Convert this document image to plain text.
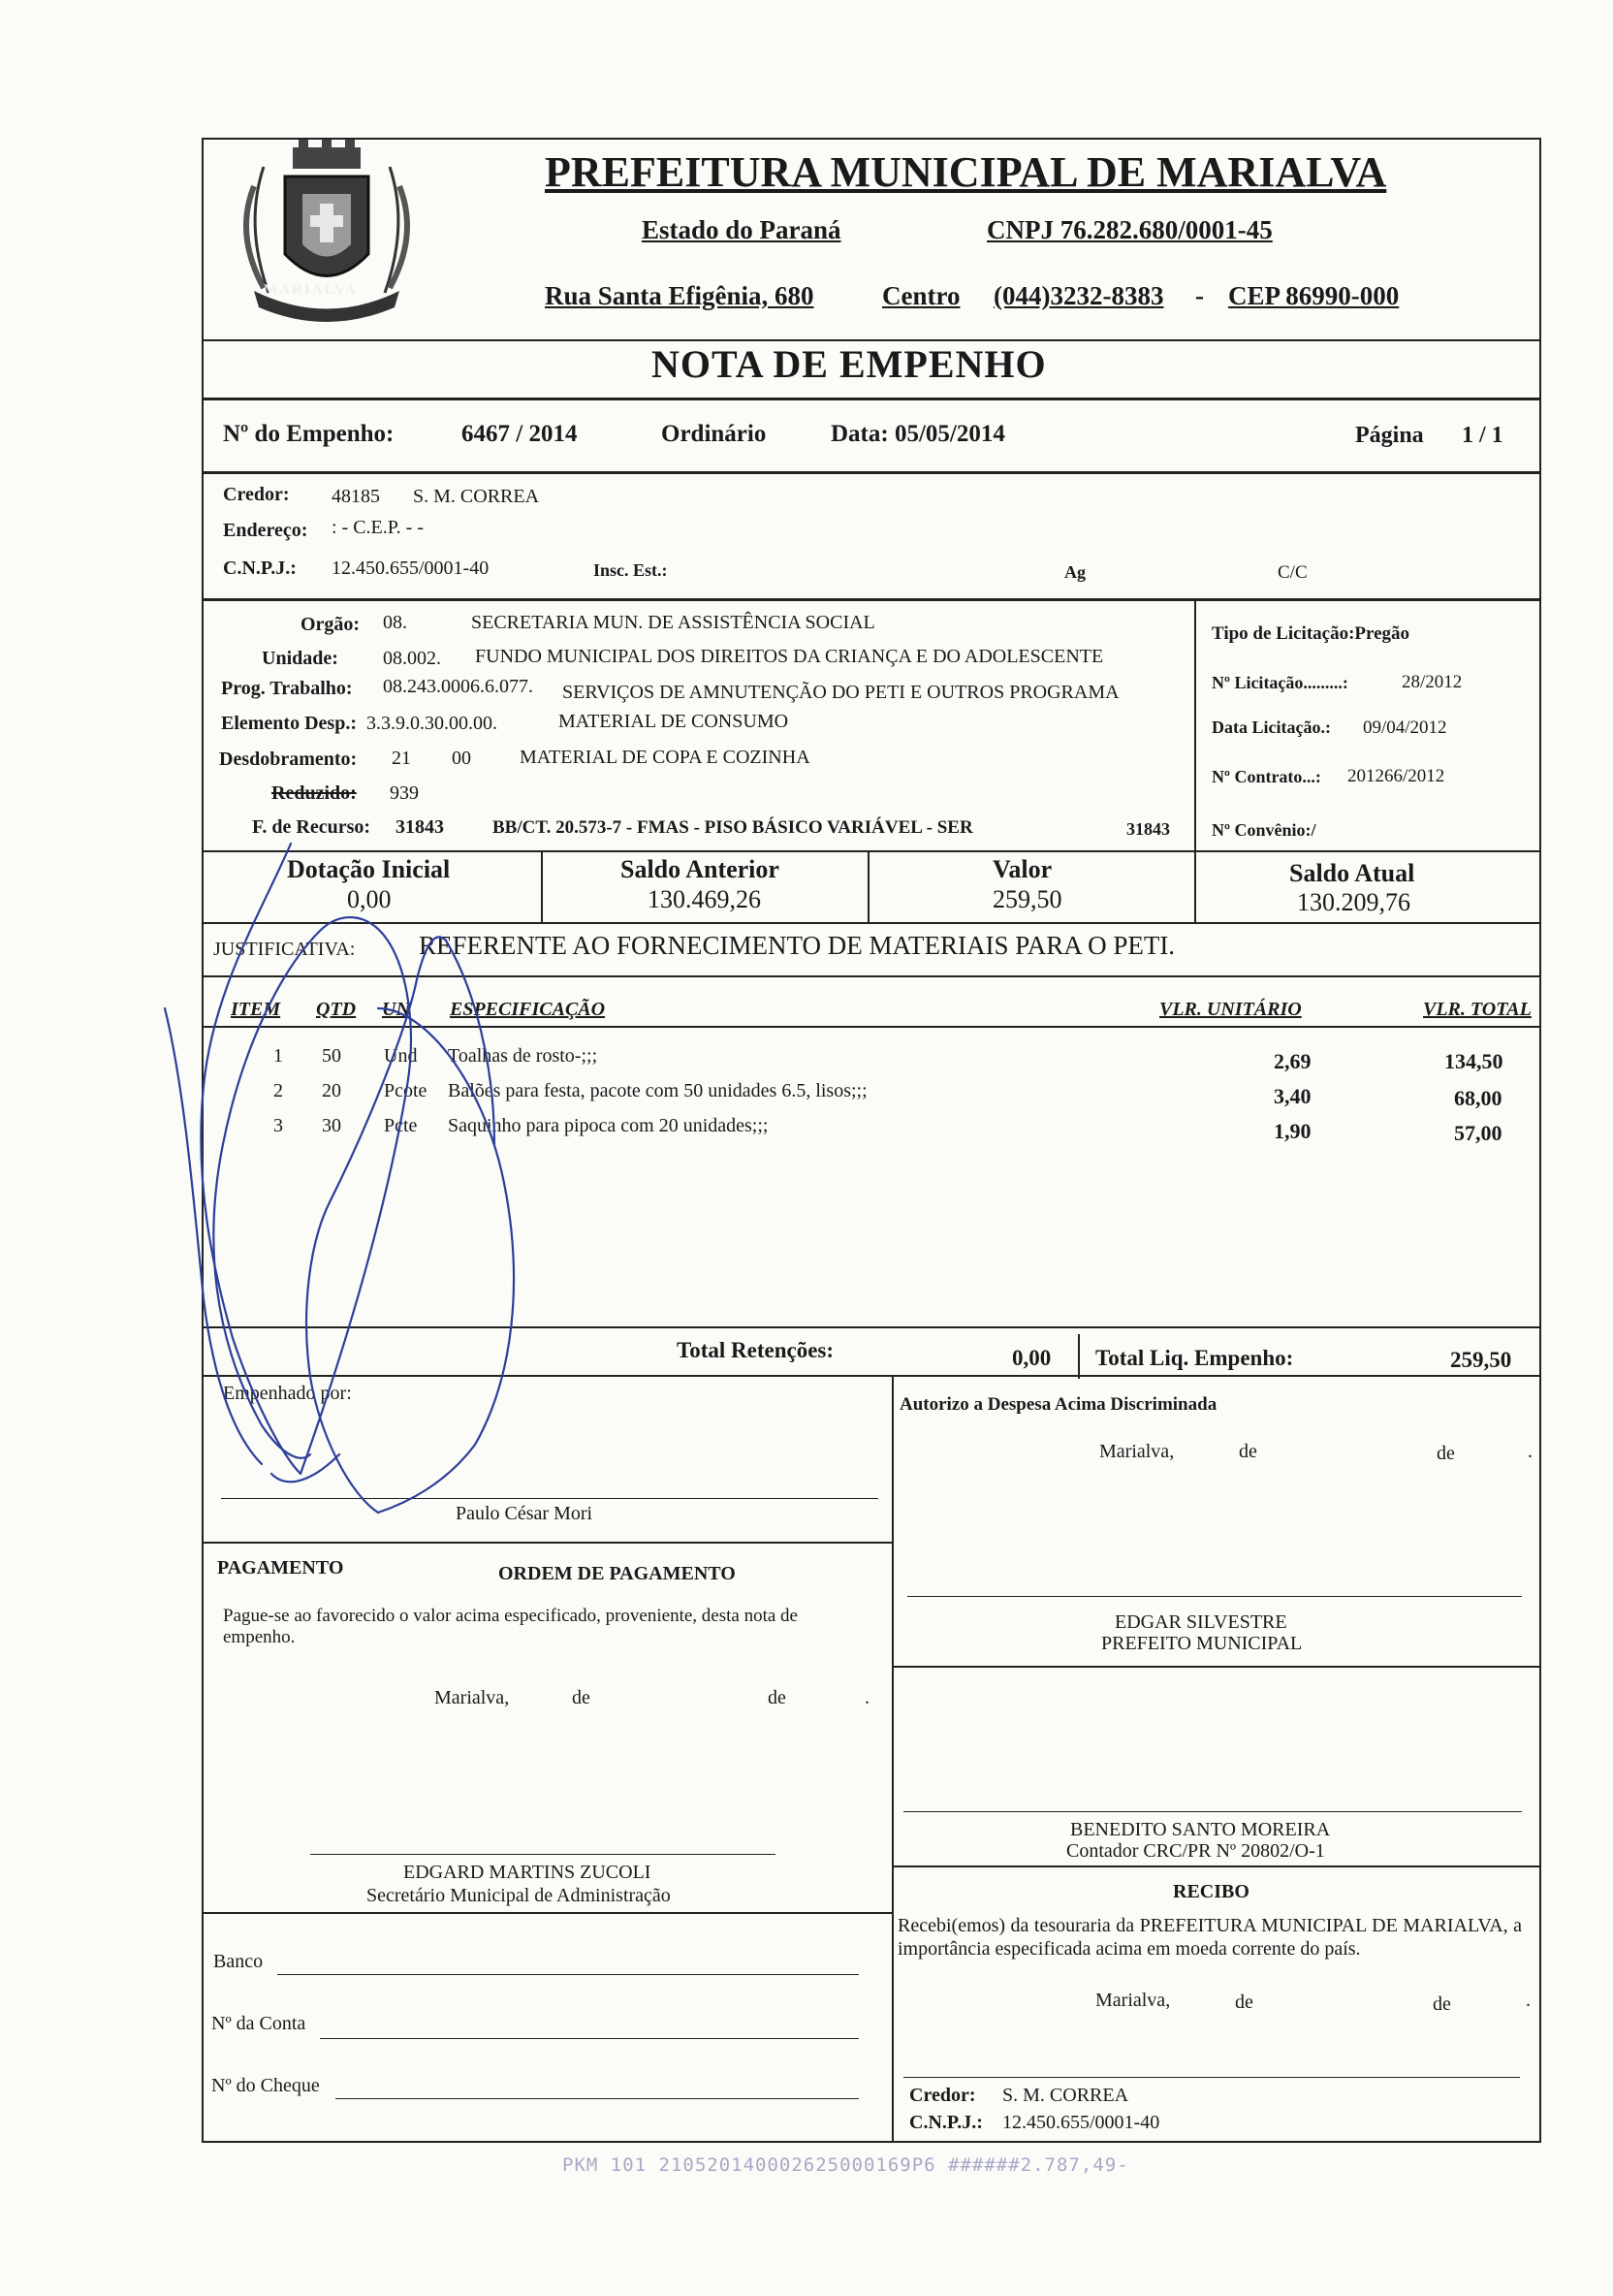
MARIALVA
PREFEITURA MUNICIPAL DE MARIALVA
Estado do Paraná	CNPJ 76.282.680/0001-45
Rua Santa Efigênia, 680	Centro (044)3232-8383 - CEP 86990-000
NOTA DE EMPENHO
Nº do Empenho:	6467 / 2014	Ordinário	Data: 05/05/2014	Página 1 / 1
Credor: 48185 S. M. CORREA
Endereço: : - C.E.P. - -
C.N.P.J.: 12.450.655/0001-40	Insc. Est.:	Ag	C/C
Orgão: 08.	SECRETARIA MUN. DE ASSISTÊNCIA SOCIAL
Unidade: 08.002. FUNDO MUNICIPAL DOS DIREITOS DA CRIANÇA E DO ADOLESCENTE
Prog. Trabalho: 08.243.0006.6.077. SERVIÇOS DE AMNUTENÇÃO DO PETI E OUTROS PROGRAMA
Elemento Desp.: 3.3.9.0.30.00.00.	MATERIAL DE CONSUMO
Desdobramento: 21 00	MATERIAL DE COPA E COZINHA
Reduzido: 939
F. de Recurso: 31843	BB/CT. 20.573-7 - FMAS - PISO BÁSICO VARIÁVEL - SER	31843
Tipo de Licitação:Pregão
Nº Licitação.........:	28/2012
Data Licitação.: 09/04/2012
Nº Contrato...: 201266/2012
Nº Convênio:/
Dotação Inicial
0,00
Saldo Anterior
130.469,26
Valor
259,50
Saldo Atual
130.209,76
JUSTIFICATIVA: REFERENTE AO FORNECIMENTO DE MATERIAIS PARA O PETI.
ITEM QTD UN ESPECIFICAÇÃO	VLR. UNITÁRIO	VLR. TOTAL
1 50 Und Toalhas de rosto-;;;	2,69	134,50
2 20 Pcote Balões para festa, pacote com 50 unidades 6.5, lisos;;;	3,40	68,00
3 30 Pcte Saquinho para pipoca com 20 unidades;;;	1,90	57,00
Total Retenções:	0,00 Total Liq. Empenho:	259,50
Empenhado por:
Paulo César Mori
Autorizo a Despesa Acima Discriminada
Marialva,	de	de	.
PAGAMENTO	ORDEM DE PAGAMENTO
Pague-se ao favorecido o valor acima especificado, proveniente, desta nota de empenho.
Marialva,	de	de	.
EDGAR SILVESTRE
PREFEITO MUNICIPAL
BENEDITO SANTO MOREIRA
Contador CRC/PR Nº 20802/O-1
EDGARD MARTINS ZUCOLI
Secretário Municipal de Administração
Banco
Nº da Conta
Nº do Cheque
RECIBO
Recebi(emos) da tesouraria da PREFEITURA MUNICIPAL DE MARIALVA, a importância especificada acima em moeda corrente do país.
Marialva,	de	de	.
Credor: S. M. CORREA
C.N.P.J.: 12.450.655/0001-40
PKM 101 210520140002625000169P6 ######2.787,49-
